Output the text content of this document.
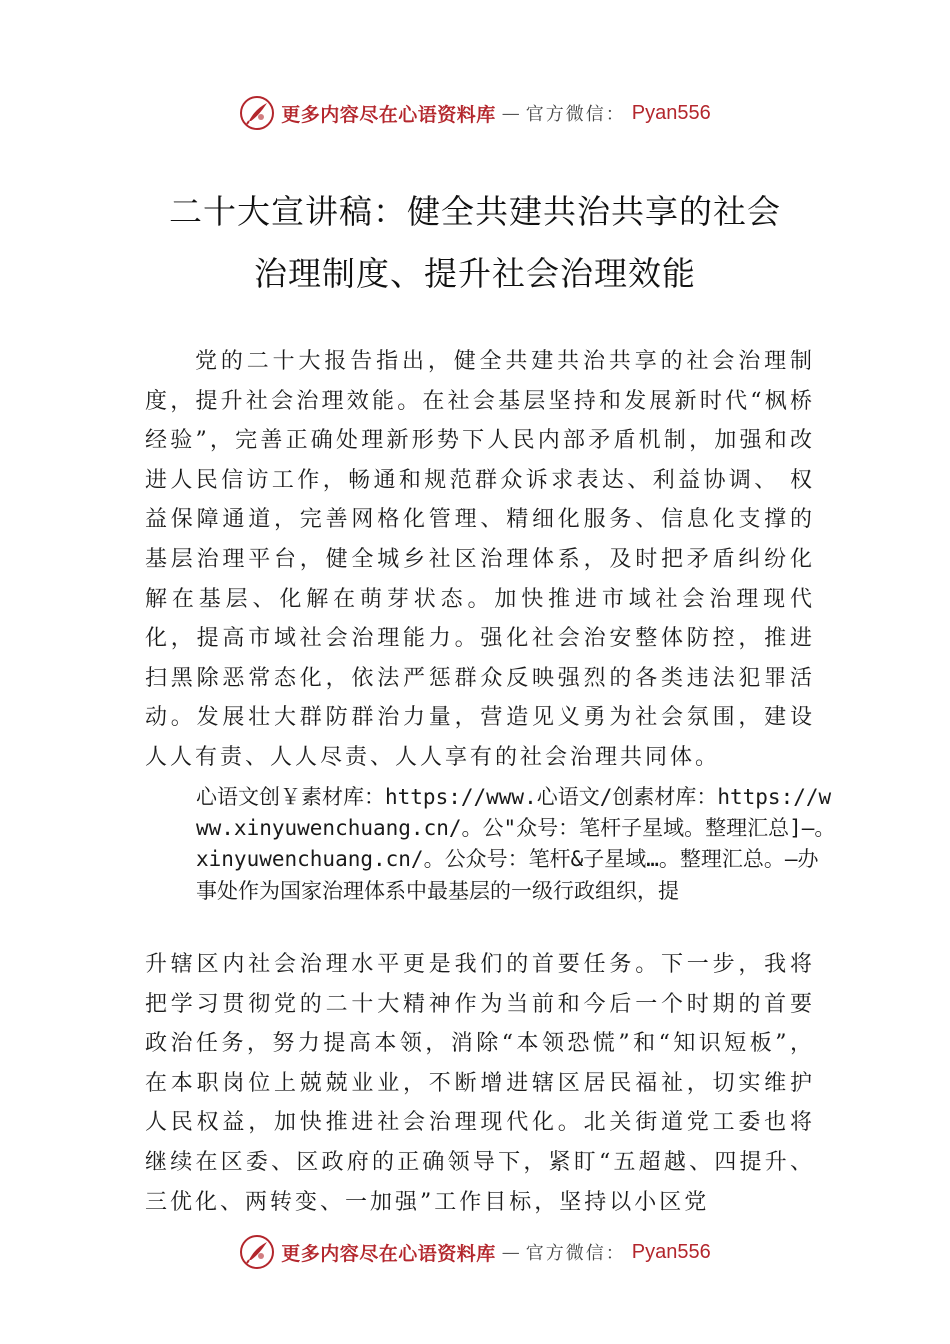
更多内容尽在心语资料库 — 官方微信： Pyan556
二十大宣讲稿：健全共建共治共享的社会
治理制度、提升社会治理效能

党的二十大报告指出，健全共建共治共享的社会治理制度，提升社会治理效能。在社会基层坚持和发展新时代“枫桥经验”，完善正确处理新形势下人民内部矛盾机制，加强和改进人民信访工作，畅通和规范群众诉求表达、利益协调、 权益保障通道，完善网格化管理、精细化服务、信息化支撑的基层治理平台，健全城乡社区治理体系，及时把矛盾纠纷化解在基层、化解在萌芽状态。加快推进市域社会治理现代化，提高市域社会治理能力。强化社会治安整体防控，推进扫黑除恶常态化，依法严惩群众反映强烈的各类违法犯罪活动。发展壮大群防群治力量，营造见义勇为社会氛围，建设人人有责、人人尽责、人人享有的社会治理共同体。

心语文创￥素材库：https://www.心语文/创素材库：https://www.xinyuwenchuang.cn/。公"众号：笔杆子星域。整理汇总]—。xinyuwenchuang.cn/。公众号：笔杆&子星域…。整理汇总。—办事处作为国家治理体系中最基层的一级行政组织，提

升辖区内社会治理水平更是我们的首要任务。下一步，我将把学习贯彻党的二十大精神作为当前和今后一个时期的首要政治任务，努力提高本领，消除“本领恐慌”和“知识短板”，在本职岗位上兢兢业业，不断增进辖区居民福祉，切实维护人民权益，加快推进社会治理现代化。北关街道党工委也将继续在区委、区政府的正确领导下，紧盯“五超越、四提升、三优化、两转变、一加强”工作目标，坚持以小区党

更多内容尽在心语资料库 — 官方微信： Pyan556
